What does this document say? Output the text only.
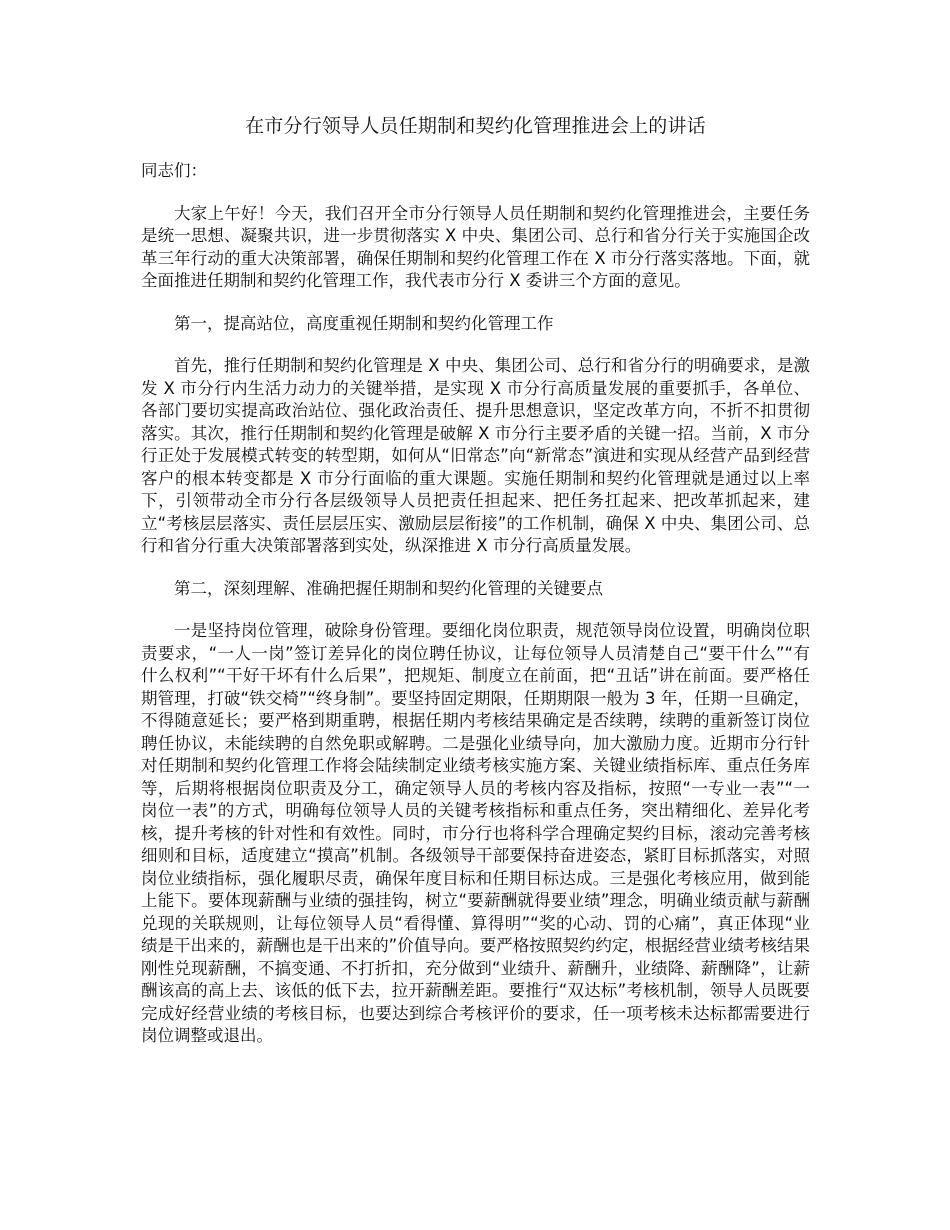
在市分行领导人员任期制和契约化管理推进会上的讲话

同志们：

大家上午好！今天，我们召开全市分行领导人员任期制和契约化管理推进会，主要任务是统一思想、凝聚共识，进一步贯彻落实 X 中央、集团公司、总行和省分行关于实施国企改革三年行动的重大决策部署，确保任期制和契约化管理工作在 X 市分行落实落地。下面，就全面推进任期制和契约化管理工作，我代表市分行 X 委讲三个方面的意见。

第一，提高站位，高度重视任期制和契约化管理工作

首先，推行任期制和契约化管理是 X 中央、集团公司、总行和省分行的明确要求，是激发 X 市分行内生活力动力的关键举措，是实现 X 市分行高质量发展的重要抓手，各单位、各部门要切实提高政治站位、强化政治责任、提升思想意识，坚定改革方向，不折不扣贯彻落实。其次，推行任期制和契约化管理是破解 X 市分行主要矛盾的关键一招。当前，X 市分行正处于发展模式转变的转型期，如何从“旧常态”向“新常态”演进和实现从经营产品到经营客户的根本转变都是 X 市分行面临的重大课题。实施任期制和契约化管理就是通过以上率下，引领带动全市分行各层级领导人员把责任担起来、把任务扛起来、把改革抓起来，建立“考核层层落实、责任层层压实、激励层层衔接”的工作机制，确保 X 中央、集团公司、总行和省分行重大决策部署落到实处，纵深推进 X 市分行高质量发展。

第二，深刻理解、准确把握任期制和契约化管理的关键要点

一是坚持岗位管理，破除身份管理。要细化岗位职责，规范领导岗位设置，明确岗位职责要求，“一人一岗”签订差异化的岗位聘任协议，让每位领导人员清楚自己“要干什么”“有什么权利”“干好干坏有什么后果”，把规矩、制度立在前面，把“丑话”讲在前面。要严格任期管理，打破“铁交椅”“终身制”。要坚持固定期限，任期期限一般为 3 年，任期一旦确定，不得随意延长；要严格到期重聘，根据任期内考核结果确定是否续聘，续聘的重新签订岗位聘任协议，未能续聘的自然免职或解聘。二是强化业绩导向，加大激励力度。近期市分行针对任期制和契约化管理工作将会陆续制定业绩考核实施方案、关键业绩指标库、重点任务库等，后期将根据岗位职责及分工，确定领导人员的考核内容及指标，按照“一专业一表”“一岗位一表”的方式，明确每位领导人员的关键考核指标和重点任务，突出精细化、差异化考核，提升考核的针对性和有效性。同时，市分行也将科学合理确定契约目标，滚动完善考核细则和目标，适度建立“摸高”机制。各级领导干部要保持奋进姿态，紧盯目标抓落实，对照岗位业绩指标，强化履职尽责，确保年度目标和任期目标达成。三是强化考核应用，做到能上能下。要体现薪酬与业绩的强挂钩，树立“要薪酬就得要业绩”理念，明确业绩贡献与薪酬兑现的关联规则，让每位领导人员“看得懂、算得明”“奖的心动、罚的心痛”，真正体现“业绩是干出来的，薪酬也是干出来的”价值导向。要严格按照契约约定，根据经营业绩考核结果刚性兑现薪酬，不搞变通、不打折扣，充分做到“业绩升、薪酬升，业绩降、薪酬降”，让薪酬该高的高上去、该低的低下去，拉开薪酬差距。要推行“双达标”考核机制，领导人员既要完成好经营业绩的考核目标，也要达到综合考核评价的要求，任一项考核未达标都需要进行岗位调整或退出。
